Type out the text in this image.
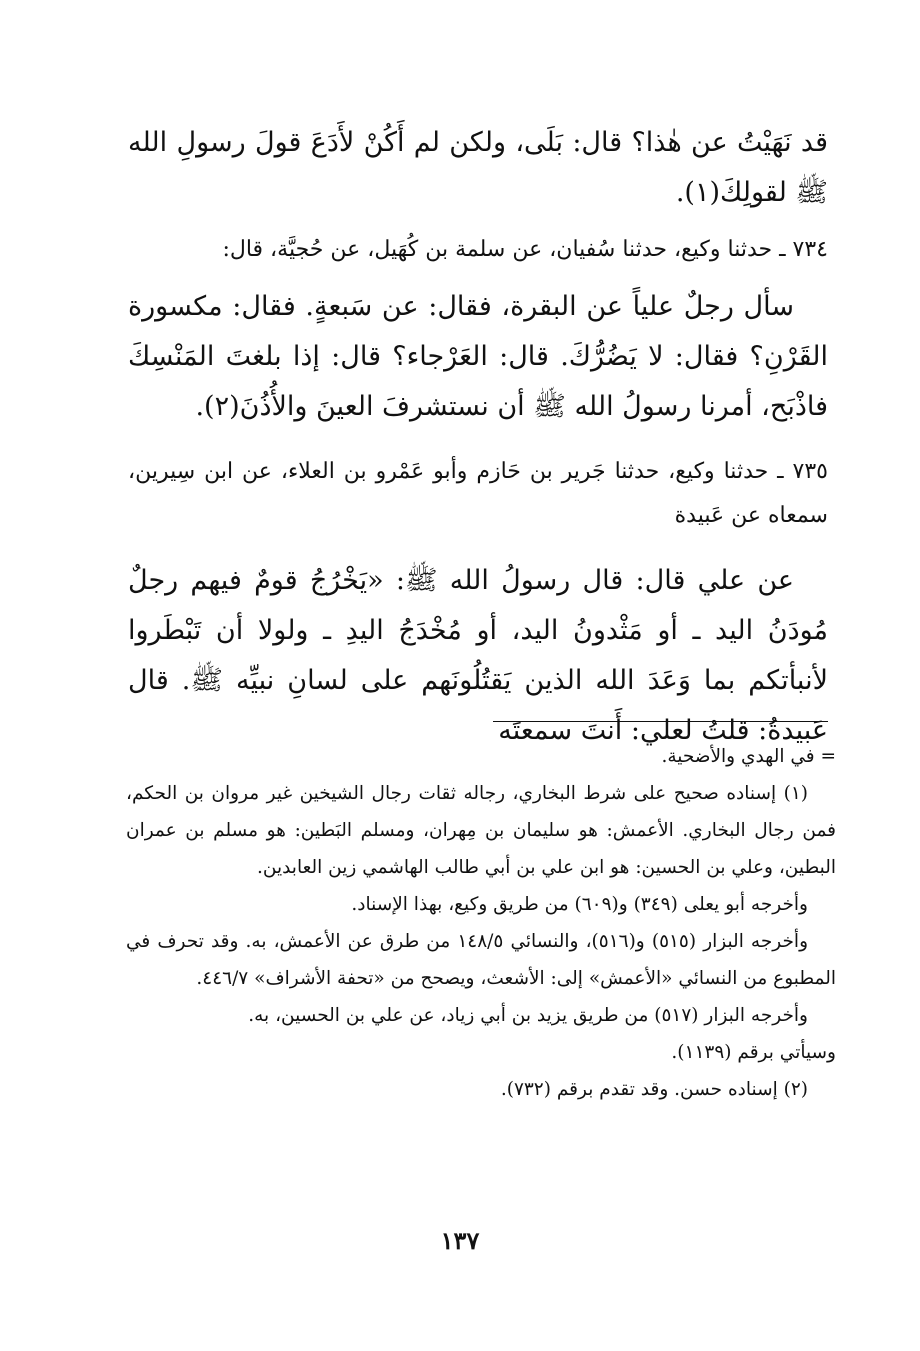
قد نَهَيْتُ عن هٰذا؟ قال: بَلَى، ولكن لم أَكُنْ لأَدَعَ قولَ رسولِ الله ﷺ لقولِكَ(١).

٧٣٤ ـ حدثنا وكيع، حدثنا سُفيان، عن سلمة بن كُهَيل، عن حُجيَّة، قال:

سأل رجلٌ علياً عن البقرة، فقال: عن سَبعةٍ. فقال: مكسورة القَرْنِ؟ فقال: لا يَضُرُّكَ. قال: العَرْجاء؟ قال: إذا بلغتَ المَنْسِكَ فاذْبَح، أمرنا رسولُ الله ﷺ أن نستشرفَ العينَ والأُذُنَ(٢).

٧٣٥ ـ حدثنا وكيع، حدثنا جَرير بن حَازم وأبو عَمْرو بن العلاء، عن ابن سِيرين، سمعاه عن عَبيدة

عن علي قال: قال رسولُ الله ﷺ: «يَخْرُجُ قومٌ فيهم رجلٌ مُودَنُ اليد ـ أو مَثْدونُ اليد، أو مُخْدَجُ اليدِ ـ ولولا أن تَبْطَروا لأنبأتكم بما وَعَدَ الله الذين يَقتُلُونَهم على لسانِ نبيِّه ﷺ. قال عَبيدةُ: قلتُ لعلي: أَنتَ سمعتَه

= في الهدي والأضحية.

(١) إسناده صحيح على شرط البخاري، رجاله ثقات رجال الشيخين غير مروان بن الحكم، فمن رجال البخاري. الأعمش: هو سليمان بن مِهران، ومسلم البَطين: هو مسلم بن عمران البطين، وعلي بن الحسين: هو ابن علي بن أبي طالب الهاشمي زين العابدين.

وأخرجه أبو يعلى (٣٤٩) و(٦٠٩) من طريق وكيع، بهذا الإسناد.

وأخرجه البزار (٥١٥) و(٥١٦)، والنسائي ١٤٨/٥ من طرق عن الأعمش، به. وقد تحرف في المطبوع من النسائي «الأعمش» إلى: الأشعث، ويصحح من «تحفة الأشراف» ٤٤٦/٧.

وأخرجه البزار (٥١٧) من طريق يزيد بن أبي زياد، عن علي بن الحسين، به.

وسيأتي برقم (١١٣٩).

(٢) إسناده حسن. وقد تقدم برقم (٧٣٢).

١٣٧
